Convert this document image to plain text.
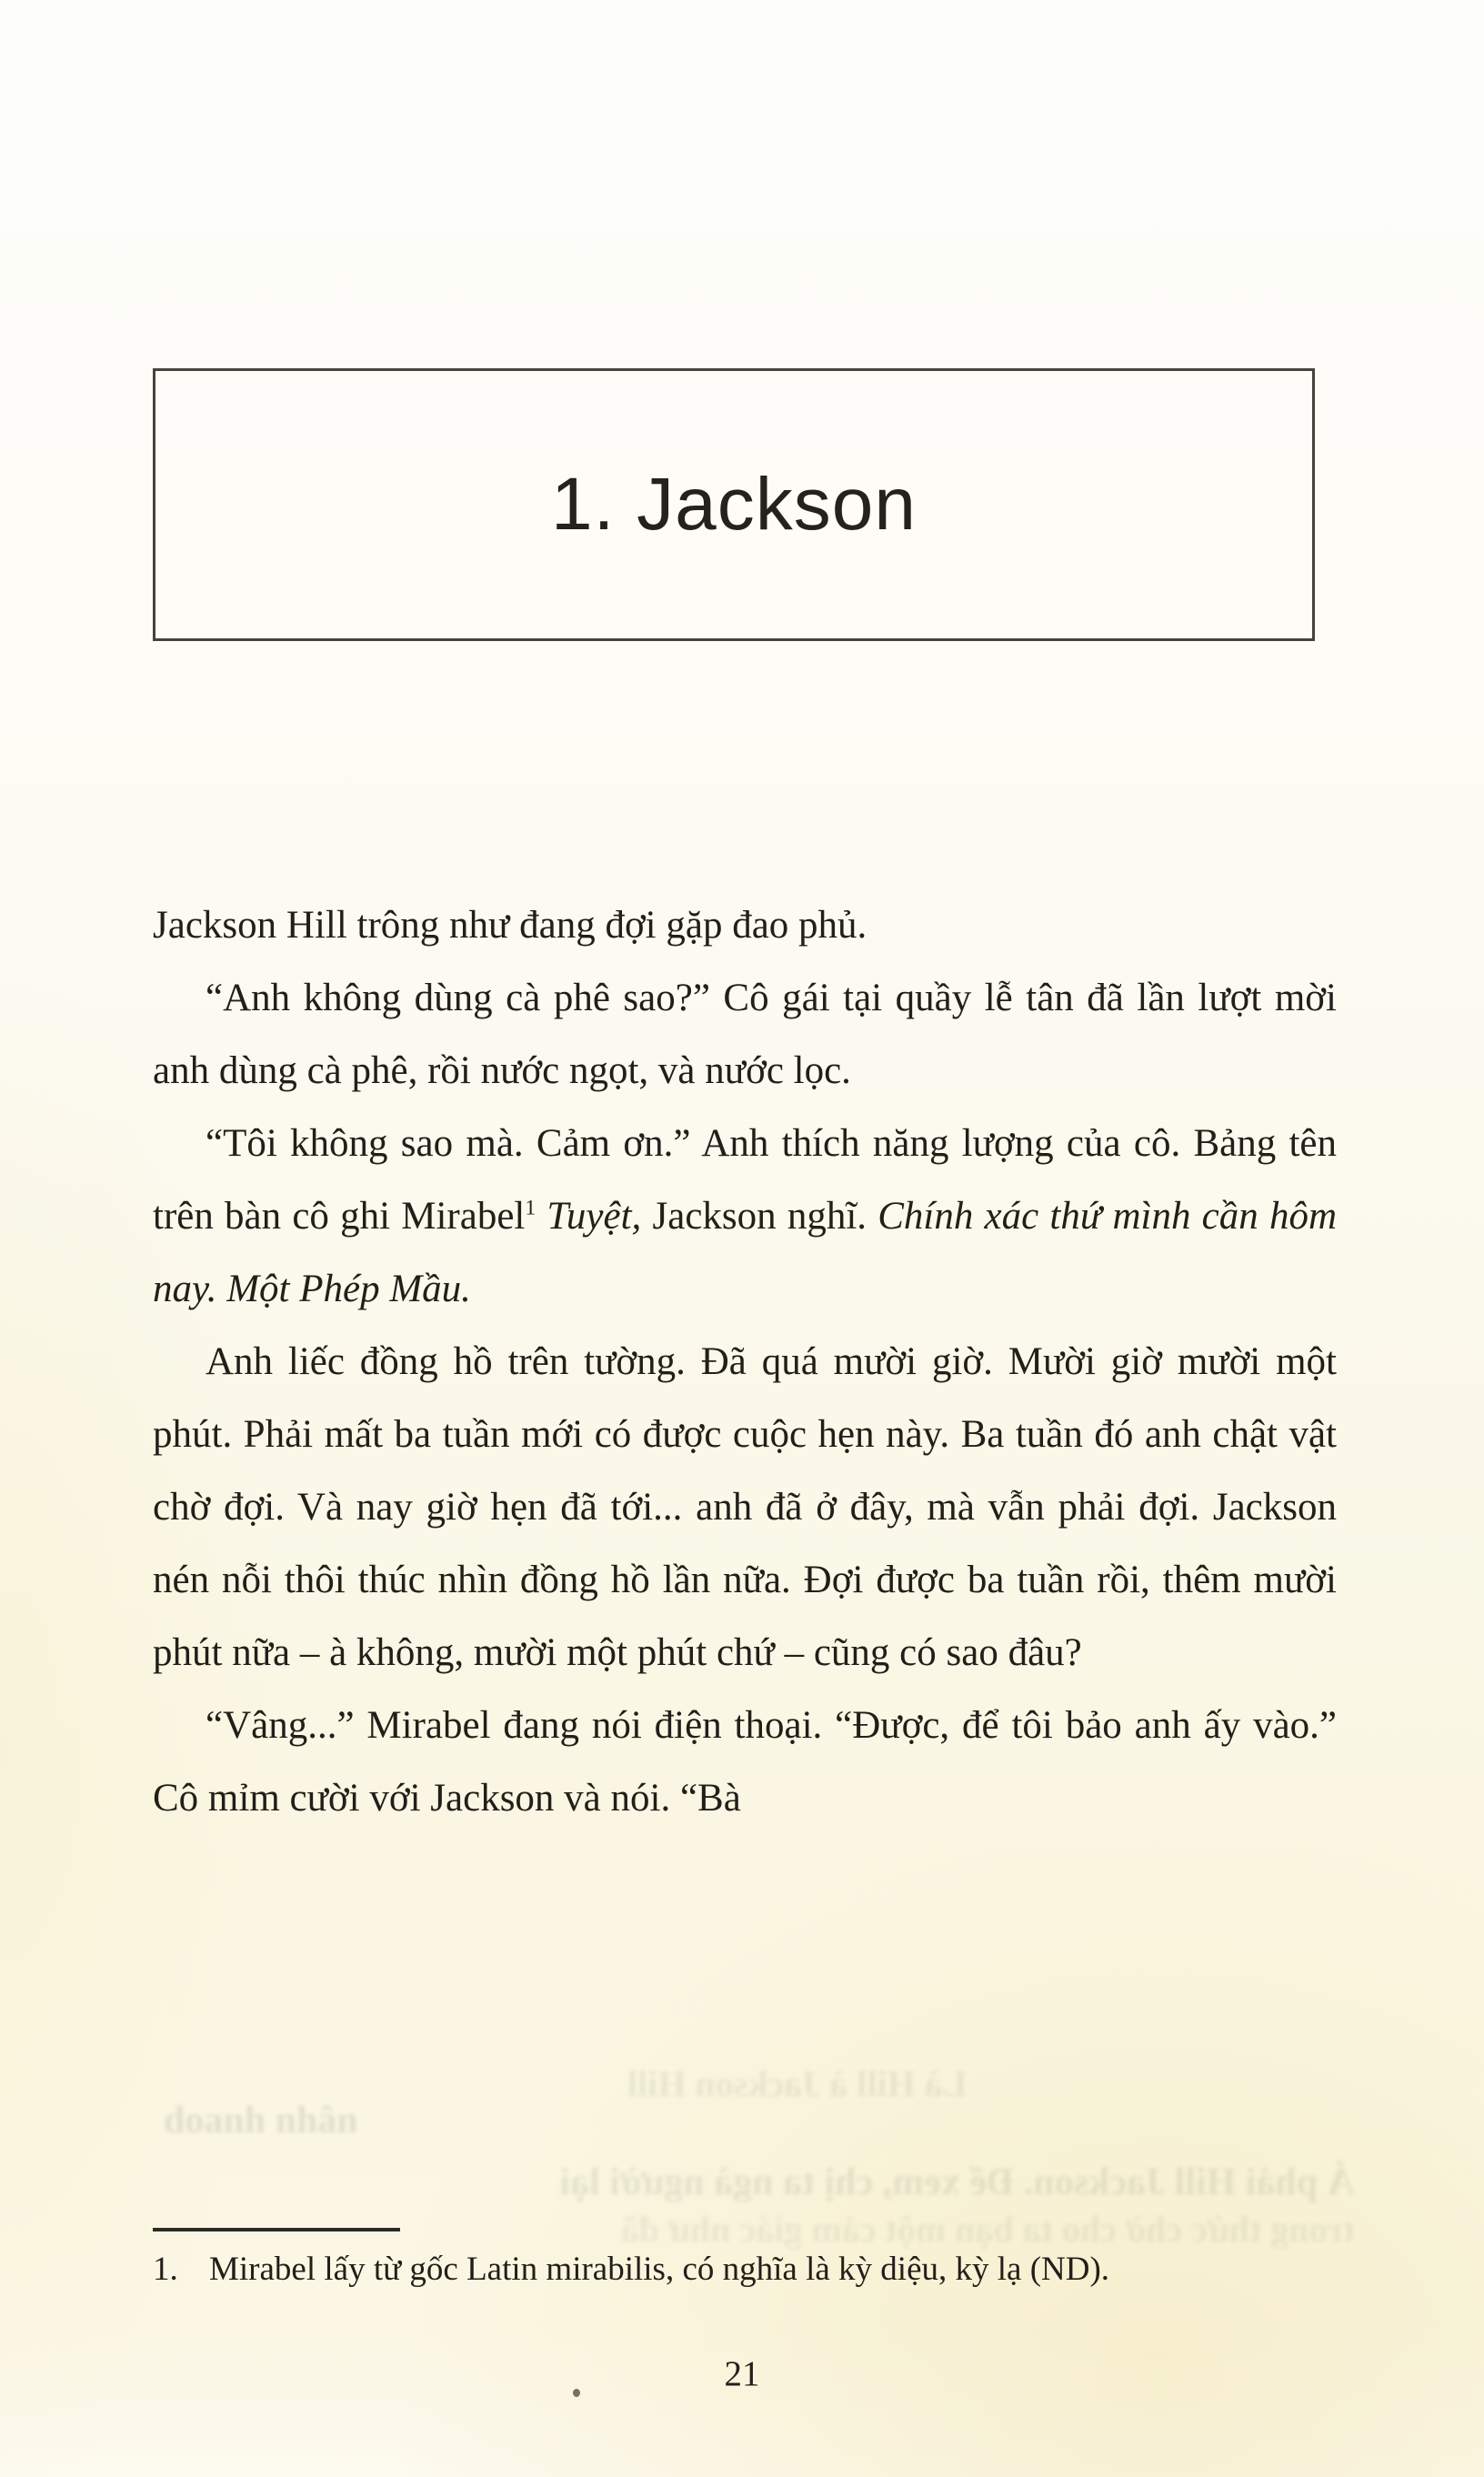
Là Hill à Jackson Hill
doanh nhân
Á phải Hill Jackson. Để xem, chị ta ngà người lại
trong thức chờ cho ta bạn một cảm giác như đã
1. Jackson

Jackson Hill trông như đang đợi gặp đao phủ.

“Anh không dùng cà phê sao?” Cô gái tại quầy lễ tân đã lần lượt mời anh dùng cà phê, rồi nước ngọt, và nước lọc.

“Tôi không sao mà. Cảm ơn.” Anh thích năng lượng của cô. Bảng tên trên bàn cô ghi Mirabel$^1$ Tuyệt, Jackson nghĩ. Chính xác thứ mình cần hôm nay. Một Phép Mầu.

Anh liếc đồng hồ trên tường. Đã quá mười giờ. Mười giờ mười một phút. Phải mất ba tuần mới có được cuộc hẹn này. Ba tuần đó anh chật vật chờ đợi. Và nay giờ hẹn đã tới... anh đã ở đây, mà vẫn phải đợi. Jackson nén nỗi thôi thúc nhìn đồng hồ lần nữa. Đợi được ba tuần rồi, thêm mười phút nữa – à không, mười một phút chứ – cũng có sao đâu?

“Vâng...” Mirabel đang nói điện thoại. “Được, để tôi bảo anh ấy vào.” Cô mỉm cười với Jackson và nói. “Bà

1. Mirabel lấy từ gốc Latin mirabilis, có nghĩa là kỳ diệu, kỳ lạ (ND).
21
